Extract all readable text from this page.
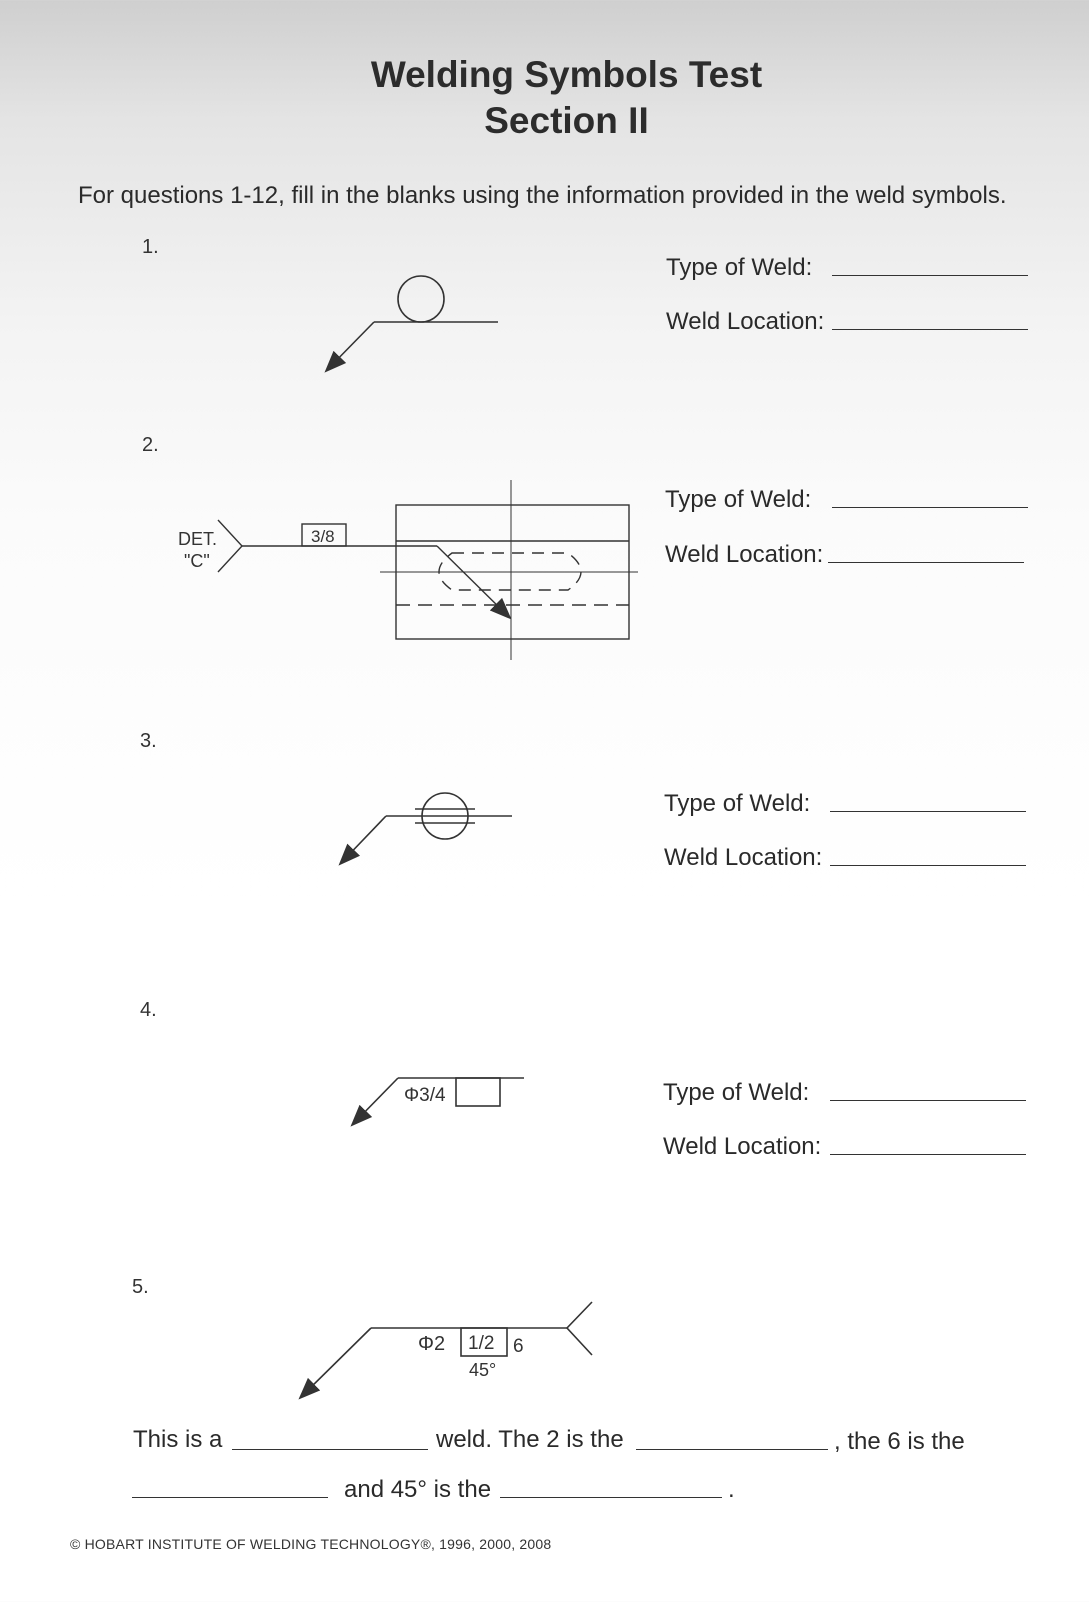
Welding Symbols Test
Section II
For questions 1-12, fill in the blanks using the information provided in the weld symbols.
1.
2.
3.
4.
5.
Type of Weld:
Weld Location:
Type of Weld:
Weld Location:
Type of Weld:
Weld Location:
Type of Weld:
Weld Location:
DET.
"C"
3/8
Φ3/4
Φ2 1/2 6
45°
This is a	weld. The 2 is the	, the 6 is the
and 45° is the	.
© HOBART INSTITUTE OF WELDING TECHNOLOGY®, 1996, 2000, 2008
